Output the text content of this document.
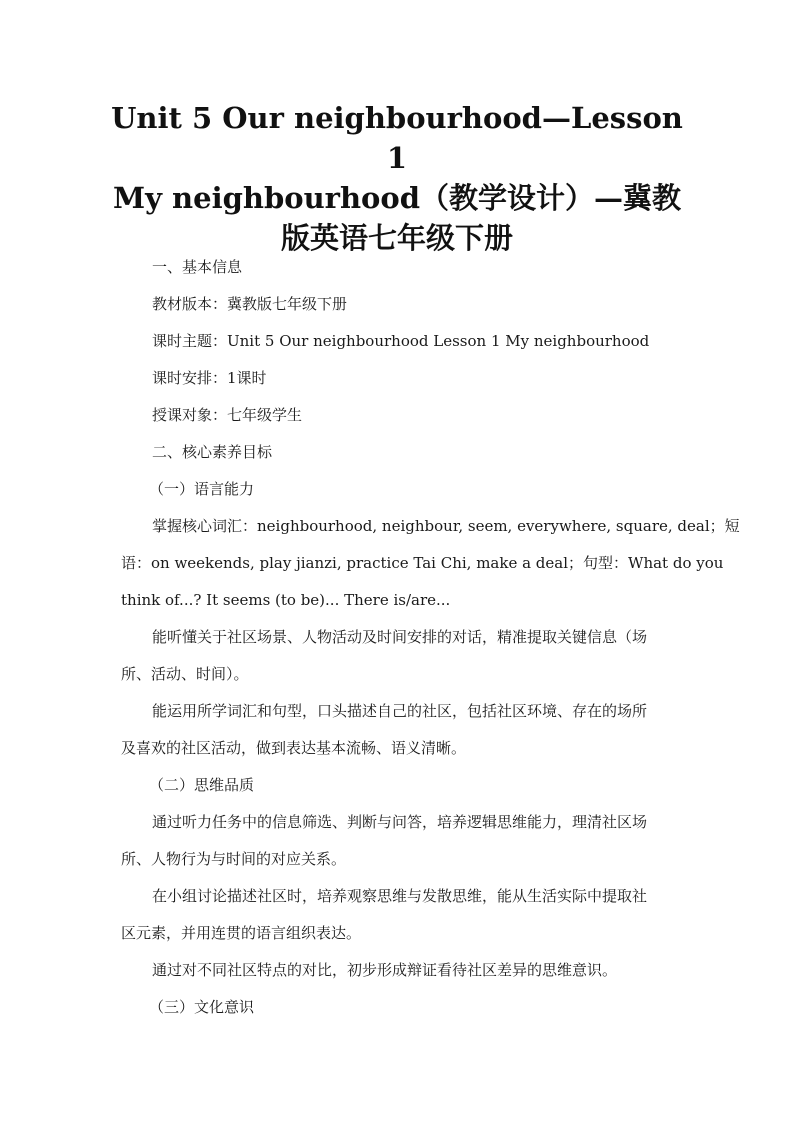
Unit 5 Our neighbourhood—Lesson 1
My neighbourhood（教学设计）—冀教
版英语七年级下册

一、基本信息

教材版本：冀教版七年级下册

课时主题：Unit 5 Our neighbourhood Lesson 1 My neighbourhood

课时安排：1课时

授课对象：七年级学生

二、核心素养目标

（一）语言能力

掌握核心词汇：neighbourhood, neighbour, seem, everywhere, square, deal；短
语：on weekends, play jianzi, practice Tai Chi, make a deal；句型：What do you
think of...? It seems (to be)... There is/are...
能听懂关于社区场景、人物活动及时间安排的对话，精准提取关键信息（场
所、活动、时间）。
能运用所学词汇和句型，口头描述自己的社区，包括社区环境、存在的场所
及喜欢的社区活动，做到表达基本流畅、语义清晰。

（二）思维品质

通过听力任务中的信息筛选、判断与问答，培养逻辑思维能力，理清社区场
所、人物行为与时间的对应关系。
在小组讨论描述社区时，培养观察思维与发散思维，能从生活实际中提取社
区元素，并用连贯的语言组织表达。
通过对不同社区特点的对比，初步形成辩证看待社区差异的思维意识。

（三）文化意识
